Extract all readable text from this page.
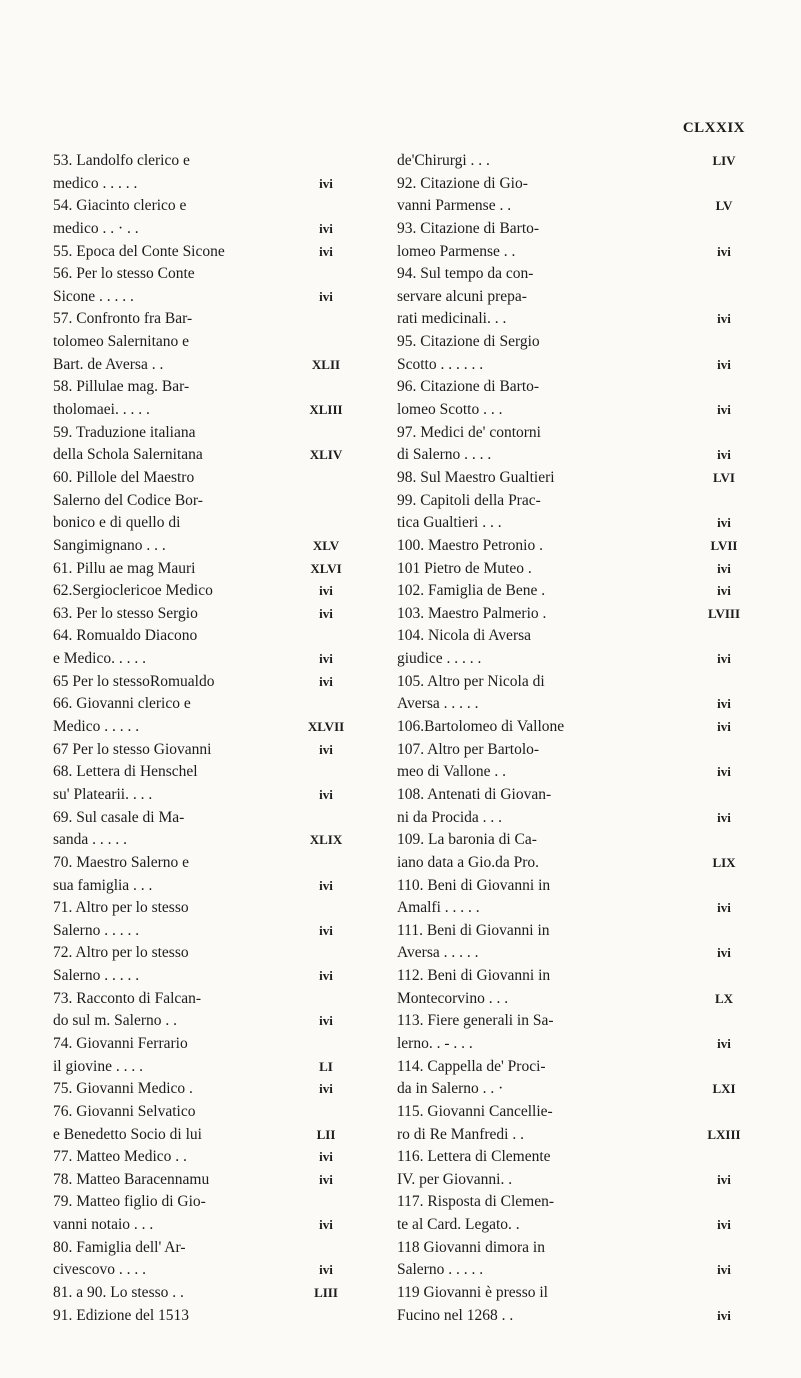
CLXXIX
53. Landolfo clerico e
medico . . . . .	ivi
54. Giacinto clerico e
medico . . · . .	ivi
55. Epoca del Conte Sicone	ivi
56. Per lo stesso Conte
Sicone . . . . .	ivi
57. Confronto fra Bar-
tolomeo Salernitano e
Bart. de Aversa . .	XLII
58. Pillulae mag. Bar-
tholomaei. . . . .	XLIII
59. Traduzione italiana
della Schola Salernitana	XLIV
60. Pillole del Maestro
Salerno del Codice Bor-
bonico e di quello di
Sangimignano . . .	XLV
61. Pillu ae mag Mauri	XLVI
62.Sergioclericoe Medico	ivi
63. Per lo stesso Sergio	ivi
64. Romualdo Diacono
e Medico. . . . .	ivi
65 Per lo stessoRomualdo	ivi
66. Giovanni clerico e
Medico . . . . .	XLVII
67 Per lo stesso Giovanni	ivi
68. Lettera di Henschel
su' Platearii. . . .	ivi
69. Sul casale di Ma-
sanda . . . . .	XLIX
70. Maestro Salerno e
sua famiglia . . .	ivi
71. Altro per lo stesso
Salerno . . . . .	ivi
72. Altro per lo stesso
Salerno . . . . .	ivi
73. Racconto di Falcan-
do sul m. Salerno . .	ivi
74. Giovanni Ferrario
il giovine . . . .	LI
75. Giovanni Medico .	ivi
76. Giovanni Selvatico
e Benedetto Socio di lui	LII
77. Matteo Medico . .	ivi
78. Matteo Baracennamu	ivi
79. Matteo figlio di Gio-
vanni notaio . . .	ivi
80. Famiglia dell' Ar-
civescovo . . . .	ivi
81. a 90. Lo stesso . .	LIII
91. Edizione del 1513
de'Chirurgi . . .	LIV
92. Citazione di Gio-
vanni Parmense . .	LV
93. Citazione di Barto-
lomeo Parmense . .	ivi
94. Sul tempo da con-
servare alcuni prepa-
rati medicinali. . .	ivi
95. Citazione di Sergio
Scotto . . . . . .	ivi
96. Citazione di Barto-
lomeo Scotto . . .	ivi
97. Medici de' contorni
di Salerno . . . .	ivi
98. Sul Maestro Gualtieri	LVI
99. Capitoli della Prac-
tica Gualtieri . . .	ivi
100. Maestro Petronio .	LVII
101 Pietro de Muteo .	ivi
102. Famiglia de Bene .	ivi
103. Maestro Palmerio .	LVIII
104. Nicola di Aversa
giudice . . . . .	ivi
105. Altro per Nicola di
Aversa . . . . .	ivi
106.Bartolomeo di Vallone	ivi
107. Altro per Bartolo-
meo di Vallone . .	ivi
108. Antenati di Giovan-
ni da Procida . . .	ivi
109. La baronia di Ca-
iano data a Gio.da Pro.	LIX
110. Beni di Giovanni in
Amalfi . . . . .	ivi
111. Beni di Giovanni in
Aversa . . . . .	ivi
112. Beni di Giovanni in
Montecorvino . . .	LX
113. Fiere generali in Sa-
lerno. . - . . .	ivi
114. Cappella de' Proci-
da in Salerno . . ·	LXI
115. Giovanni Cancellie-
ro di Re Manfredi . .	LXIII
116. Lettera di Clemente
IV. per Giovanni. .	ivi
117. Risposta di Clemen-
te al Card. Legato. .	ivi
118 Giovanni dimora in
Salerno . . . . .	ivi
119 Giovanni è presso il
Fucino nel 1268 . .	ivi
